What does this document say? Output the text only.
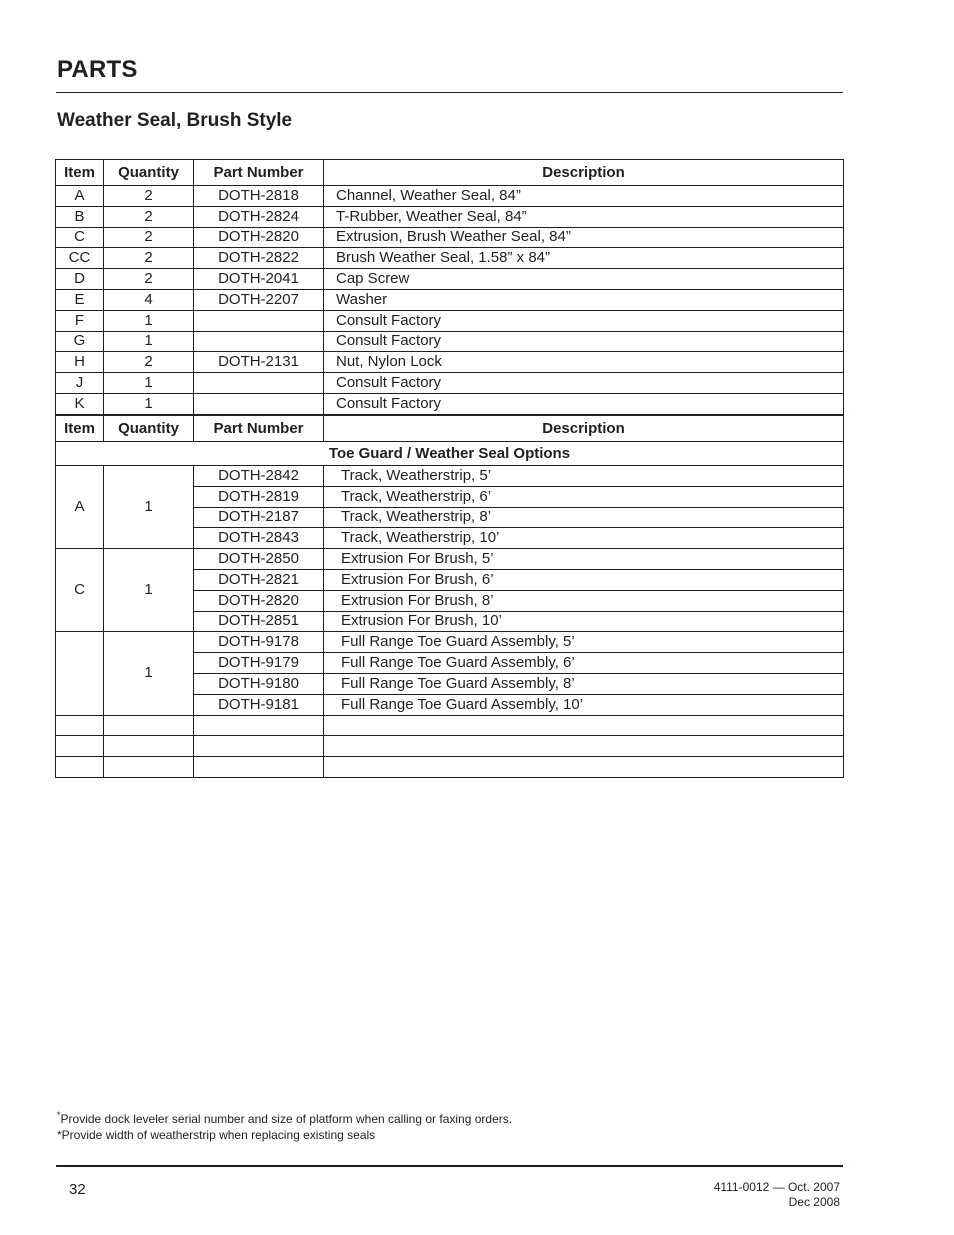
PARTS
Weather Seal, Brush Style
Item	Quantity	Part Number	Description
A	2	DOTH-2818	Channel, Weather Seal, 84”
B	2	DOTH-2824	T-Rubber, Weather Seal, 84”
C	2	DOTH-2820	Extrusion, Brush Weather Seal, 84”
CC	2	DOTH-2822	Brush Weather Seal, 1.58” x 84”
D	2	DOTH-2041	Cap Screw
E	4	DOTH-2207	Washer
F	1		Consult Factory
G	1		Consult Factory
H	2	DOTH-2131	Nut, Nylon Lock
J	1		Consult Factory
K	1		Consult Factory
Item	Quantity	Part Number	Description
Toe Guard / Weather Seal Options			
A	1	DOTH-2842	Track, Weatherstrip, 5’
		DOTH-2819	Track, Weatherstrip, 6’
		DOTH-2187	Track, Weatherstrip, 8’
		DOTH-2843	Track, Weatherstrip, 10’
C	1	DOTH-2850	Extrusion For Brush, 5’
		DOTH-2821	Extrusion For Brush, 6’
		DOTH-2820	Extrusion For Brush, 8’
		DOTH-2851	Extrusion For Brush, 10’
	1	DOTH-9178	Full Range Toe Guard Assembly, 5’
		DOTH-9179	Full Range Toe Guard Assembly, 6’
		DOTH-9180	Full Range Toe Guard Assembly, 8’
		DOTH-9181	Full Range Toe Guard Assembly, 10’

*Provide dock leveler serial number and size of platform when calling or faxing orders.
*Provide width of weatherstrip when replacing existing seals
32	4111-0012 — Oct. 2007
Dec 2008
